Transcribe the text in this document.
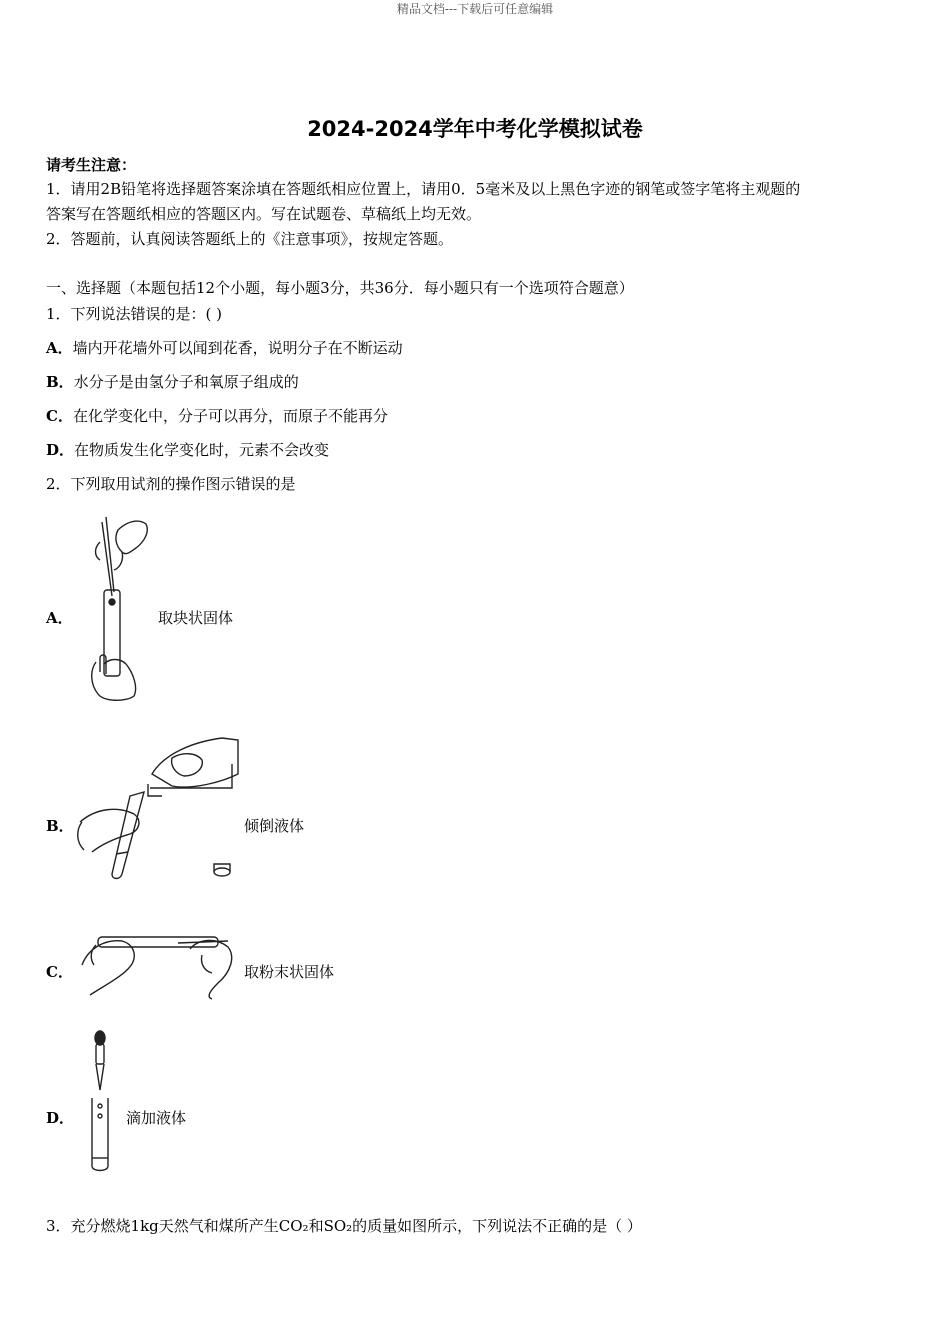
精品文档---下载后可任意编辑
2024-2024学年中考化学模拟试卷
请考生注意：
1．请用2B铅笔将选择题答案涂填在答题纸相应位置上，请用0．5毫米及以上黑色字迹的钢笔或签字笔将主观题的
答案写在答题纸相应的答题区内。写在试题卷、草稿纸上均无效。
2．答题前，认真阅读答题纸上的《注意事项》，按规定答题。
一、选择题（本题包括12个小题，每小题3分，共36分．每小题只有一个选项符合题意）
1．下列说法错误的是：( )
A．墙内开花墙外可以闻到花香，说明分子在不断运动
B．水分子是由氢分子和氧原子组成的
C．在化学变化中，分子可以再分，而原子不能再分
D．在物质发生化学变化时，元素不会改变
2．下列取用试剂的操作图示错误的是
A．	取块状固体
B．	倾倒液体
C．	取粉末状固体
D．	滴加液体
3．充分燃烧1kg天然气和煤所产生CO₂和SO₂的质量如图所示，下列说法不正确的是（ ）
